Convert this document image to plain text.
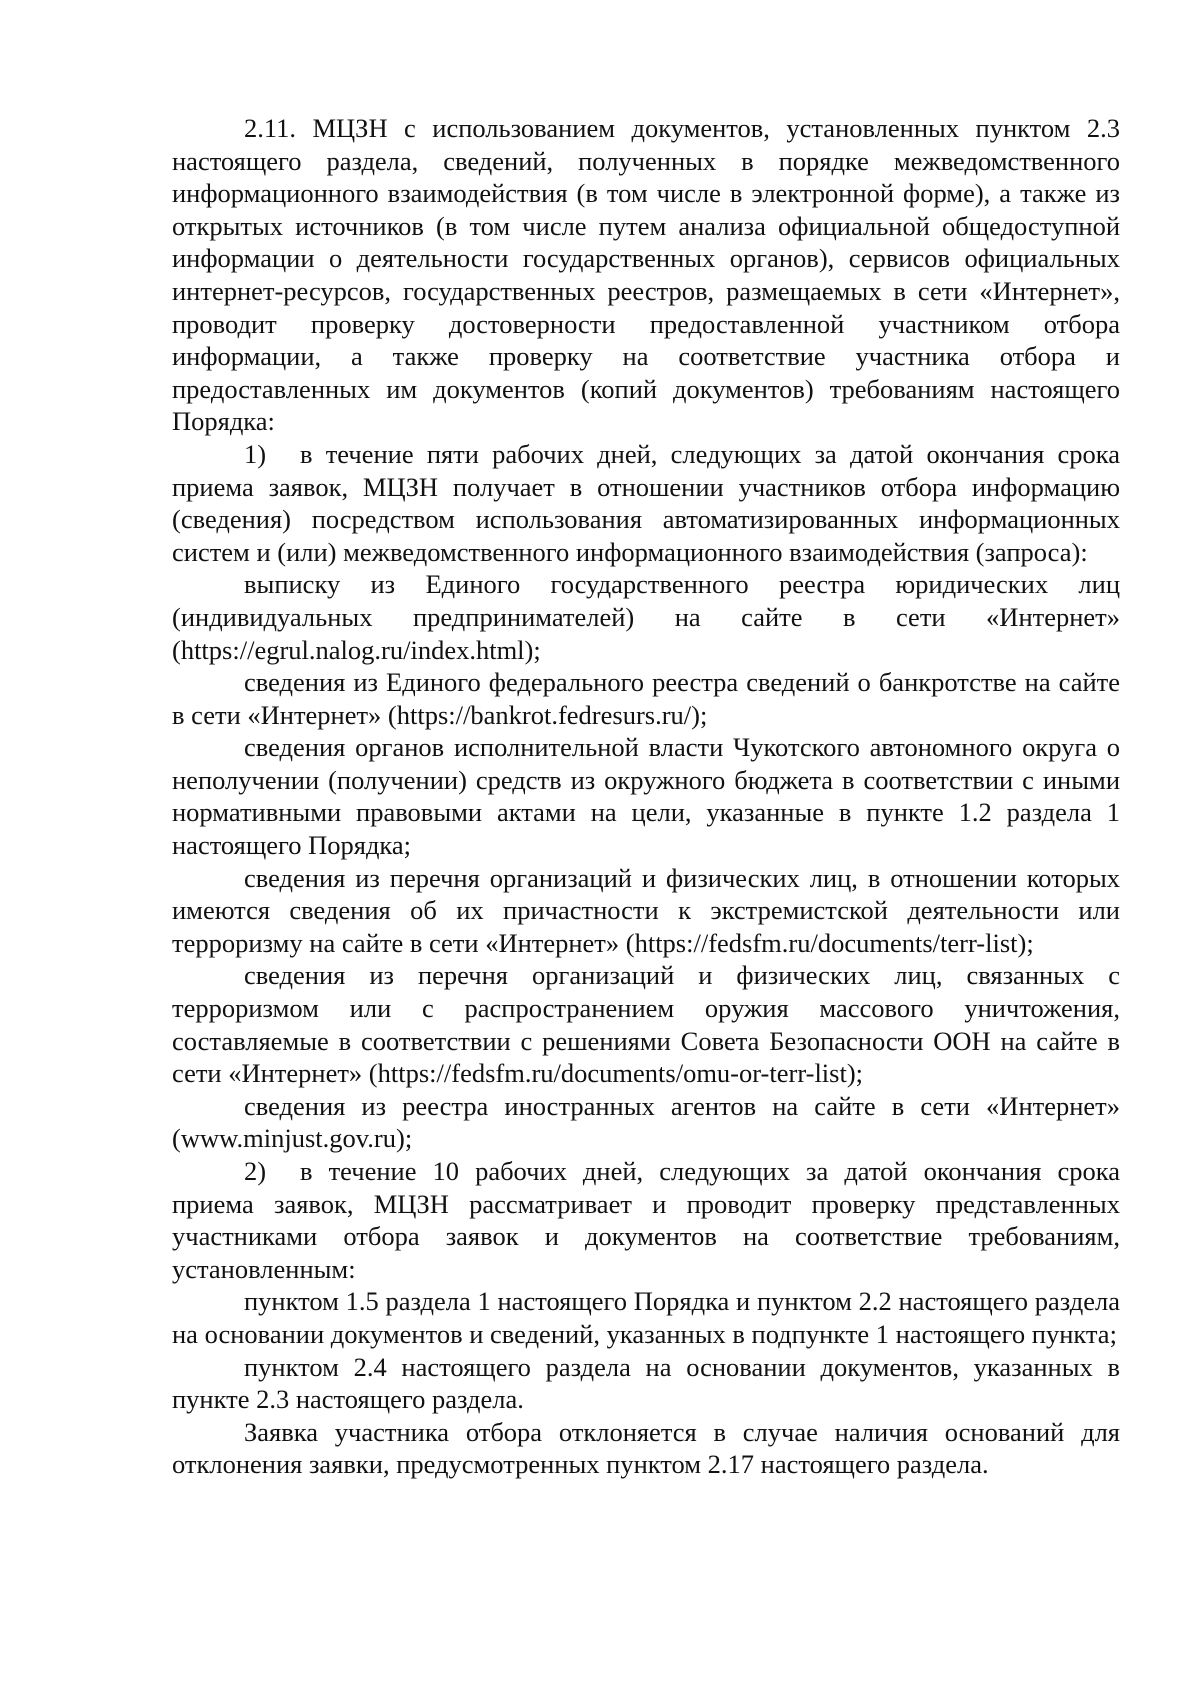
2.11. МЦЗН с использованием документов, установленных пунктом 2.3 настоящего раздела, сведений, полученных в порядке межведомственного информационного взаимодействия (в том числе в электронной форме), а также из открытых источников (в том числе путем анализа официальной общедоступной информации о деятельности государственных органов), сервисов официальных интернет-ресурсов, государственных реестров, размещаемых в сети «Интернет», проводит проверку достоверности предоставленной участником отбора информации, а также проверку на соответствие участника отбора и предоставленных им документов (копий документов) требованиям настоящего Порядка:

1) в течение пяти рабочих дней, следующих за датой окончания срока приема заявок, МЦЗН получает в отношении участников отбора информацию (сведения) посредством использования автоматизированных информационных систем и (или) межведомственного информационного взаимодействия (запроса):

выписку из Единого государственного реестра юридических лиц (индивидуальных предпринимателей) на сайте в сети «Интернет» (https://egrul.nalog.ru/index.html);

сведения из Единого федерального реестра сведений о банкротстве на сайте в сети «Интернет» (https://bankrot.fedresurs.ru/);

сведения органов исполнительной власти Чукотского автономного округа о неполучении (получении) средств из окружного бюджета в соответствии с иными нормативными правовыми актами на цели, указанные в пункте 1.2 раздела 1 настоящего Порядка;

сведения из перечня организаций и физических лиц, в отношении которых имеются сведения об их причастности к экстремистской деятельности или терроризму на сайте в сети «Интернет» (https://fedsfm.ru/documents/terr-list);

сведения из перечня организаций и физических лиц, связанных с терроризмом или с распространением оружия массового уничтожения, составляемые в соответствии с решениями Совета Безопасности ООН на сайте в сети «Интернет» (https://fedsfm.ru/documents/omu-or-terr-list);

сведения из реестра иностранных агентов на сайте в сети «Интернет» (www.minjust.gov.ru);

2) в течение 10 рабочих дней, следующих за датой окончания срока приема заявок, МЦЗН рассматривает и проводит проверку представленных участниками отбора заявок и документов на соответствие требованиям, установленным:

пунктом 1.5 раздела 1 настоящего Порядка и пунктом 2.2 настоящего раздела на основании документов и сведений, указанных в подпункте 1 настоящего пункта;

пунктом 2.4 настоящего раздела на основании документов, указанных в пункте 2.3 настоящего раздела.

Заявка участника отбора отклоняется в случае наличия оснований для отклонения заявки, предусмотренных пунктом 2.17 настоящего раздела.
